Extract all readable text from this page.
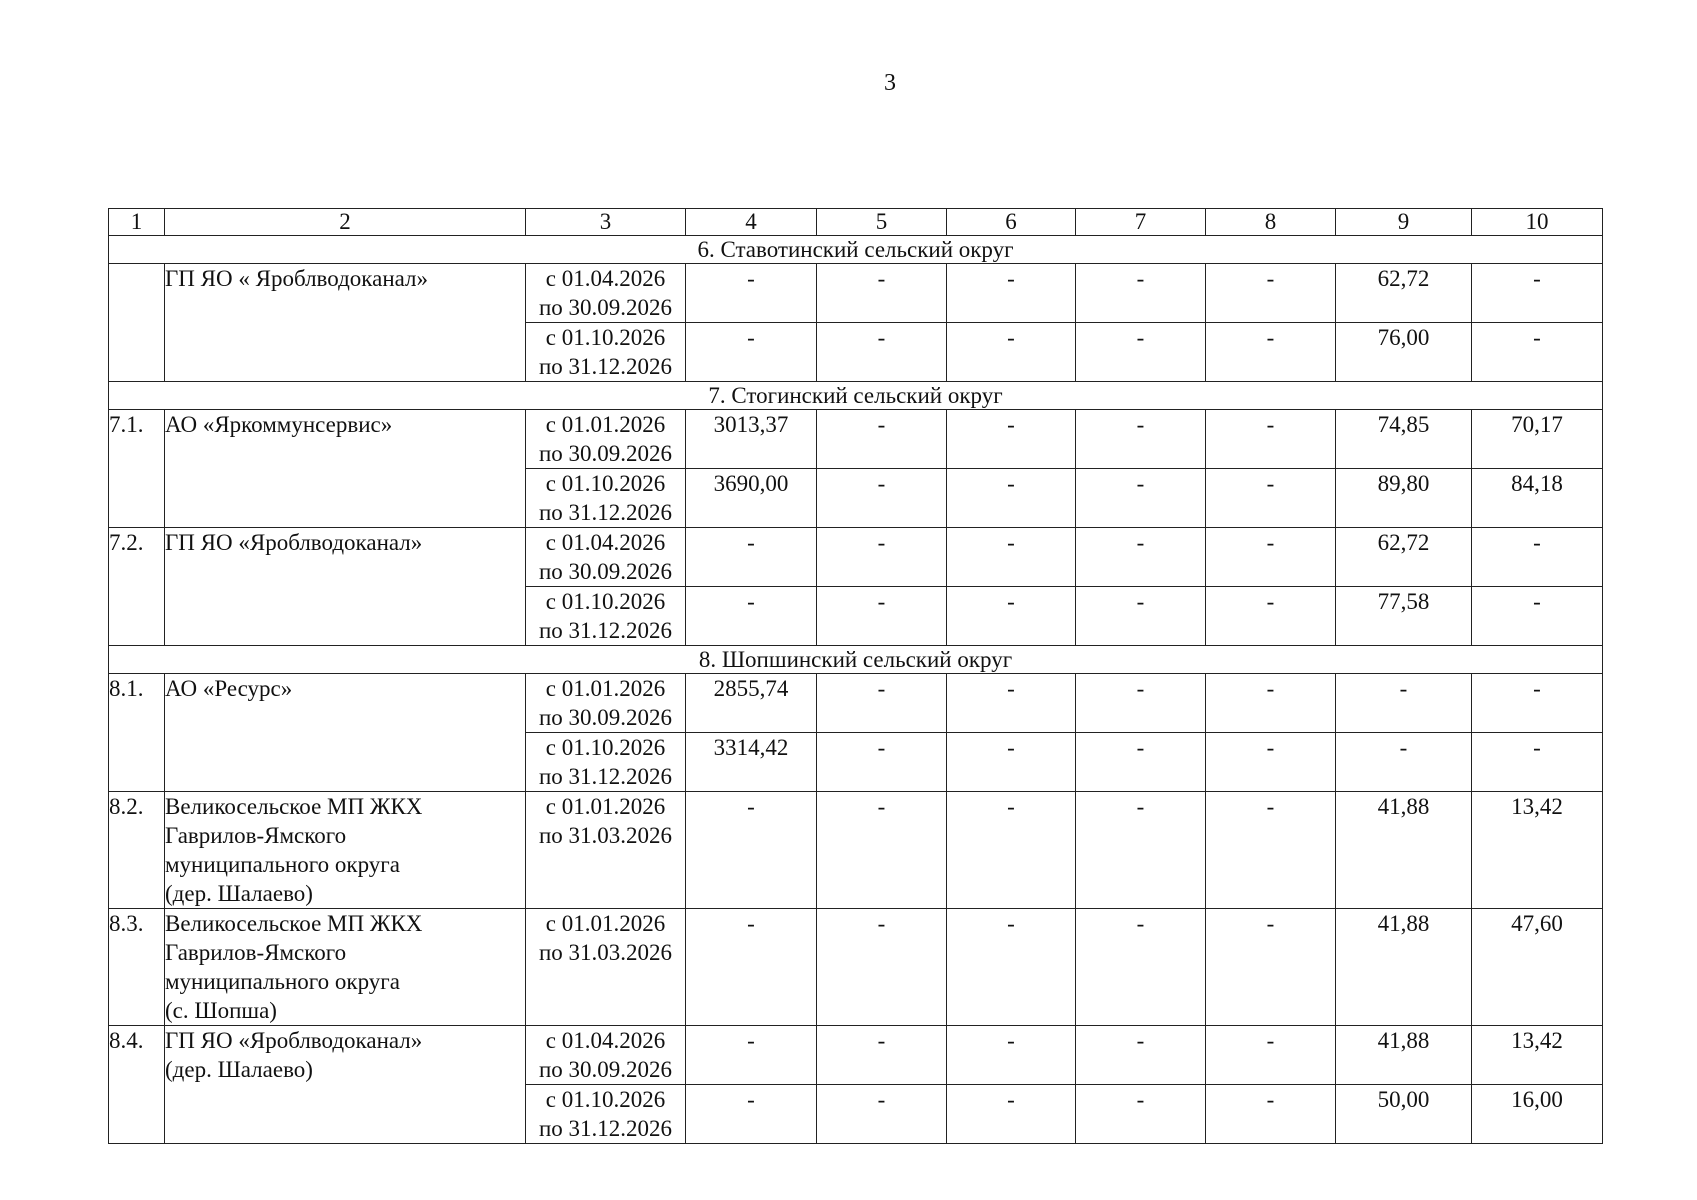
3
1	2	3	4	5	6	7	8	9	10
6. Ставотинский сельский округ									

	ГП ЯО « Яроблводоканал»	с 01.04.2026
по 30.09.2026	-	-	-	-	-	62,72	-

		с 01.10.2026
по 31.12.2026	-	-	-	-	-	76,00	-
7. Стогинский сельский округ									
7.1.	АО «Яркоммунсервис»	с 01.01.2026
по 30.09.2026	3013,37	-	-	-	-	74,85	70,17

		с 01.10.2026
по 31.12.2026	3690,00	-	-	-	-	89,80	84,18
7.2.	ГП ЯО «Яроблводоканал»	с 01.04.2026
по 30.09.2026	-	-	-	-	-	62,72	-

		с 01.10.2026
по 31.12.2026	-	-	-	-	-	77,58	-
8. Шопшинский сельский округ									
8.1.	АО «Ресурс»	с 01.01.2026
по 30.09.2026	2855,74	-	-	-	-	-	-

		с 01.10.2026
по 31.12.2026	3314,42	-	-	-	-	-	-
8.2.	Великосельское МП ЖКХ
Гаврилов-Ямского
муниципального округа
(дер. Шалаево)	с 01.01.2026
по 31.03.2026	-	-	-	-	-	41,88	13,42
8.3.	Великосельское МП ЖКХ
Гаврилов-Ямского
муниципального округа
(с. Шопша)	с 01.01.2026
по 31.03.2026	-	-	-	-	-	41,88	47,60
8.4.	ГП ЯО «Яроблводоканал»
(дер. Шалаево)	с 01.04.2026
по 30.09.2026	-	-	-	-	-	41,88	13,42

		с 01.10.2026
по 31.12.2026	-	-	-	-	-	50,00	16,00
